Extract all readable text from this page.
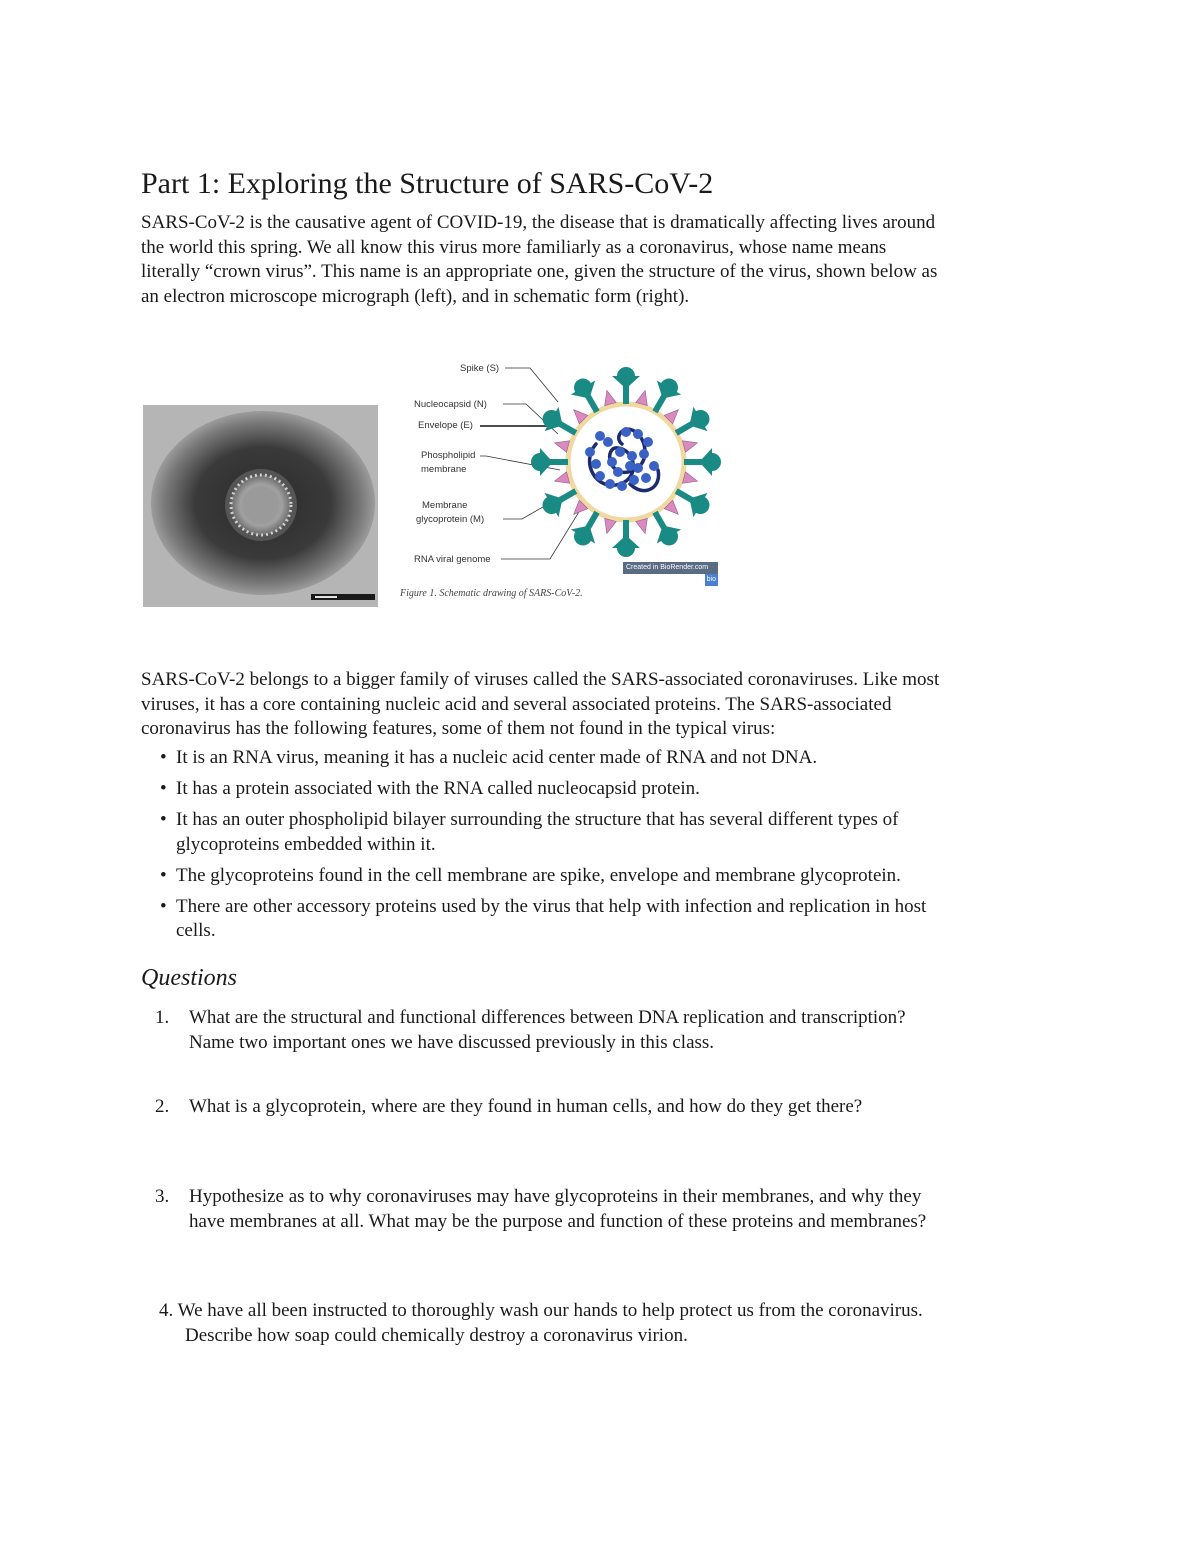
Part 1: Exploring the Structure of SARS-CoV-2

SARS-CoV-2 is the causative agent of COVID-19, the disease that is dramatically affecting lives around
the world this spring. We all know this virus more familiarly as a coronavirus, whose name means
literally “crown virus”. This name is an appropriate one, given the structure of the virus, shown below as
an electron microscope micrograph (left), and in schematic form (right).

Spike (S)
Nucleocapsid (N)
Envelope (E)
Phospholipid
membrane
Membrane
glycoprotein (M)
RNA viral genome
Created in BioRender.com
bio

Figure 1. Schematic drawing of SARS-CoV-2.

SARS-CoV-2 belongs to a bigger family of viruses called the SARS-associated coronaviruses. Like most
viruses, it has a core containing nucleic acid and several associated proteins. The SARS-associated
coronavirus has the following features, some of them not found in the typical virus:

• It is an RNA virus, meaning it has a nucleic acid center made of RNA and not DNA.
• It has a protein associated with the RNA called nucleocapsid protein.
• It has an outer phospholipid bilayer surrounding the structure that has several different types of
glycoproteins embedded within it.
• The glycoproteins found in the cell membrane are spike, envelope and membrane glycoprotein.
• There are other accessory proteins used by the virus that help with infection and replication in host
cells.
Questions
1.	What are the structural and functional differences between DNA replication and transcription?
Name two important ones we have discussed previously in this class.
2.	What is a glycoprotein, where are they found in human cells, and how do they get there?
3.	Hypothesize as to why coronaviruses may have glycoproteins in their membranes, and why they
have membranes at all. What may be the purpose and function of these proteins and membranes?
4. We have all been instructed to thoroughly wash our hands to help protect us from the coronavirus.
Describe how soap could chemically destroy a coronavirus virion.
